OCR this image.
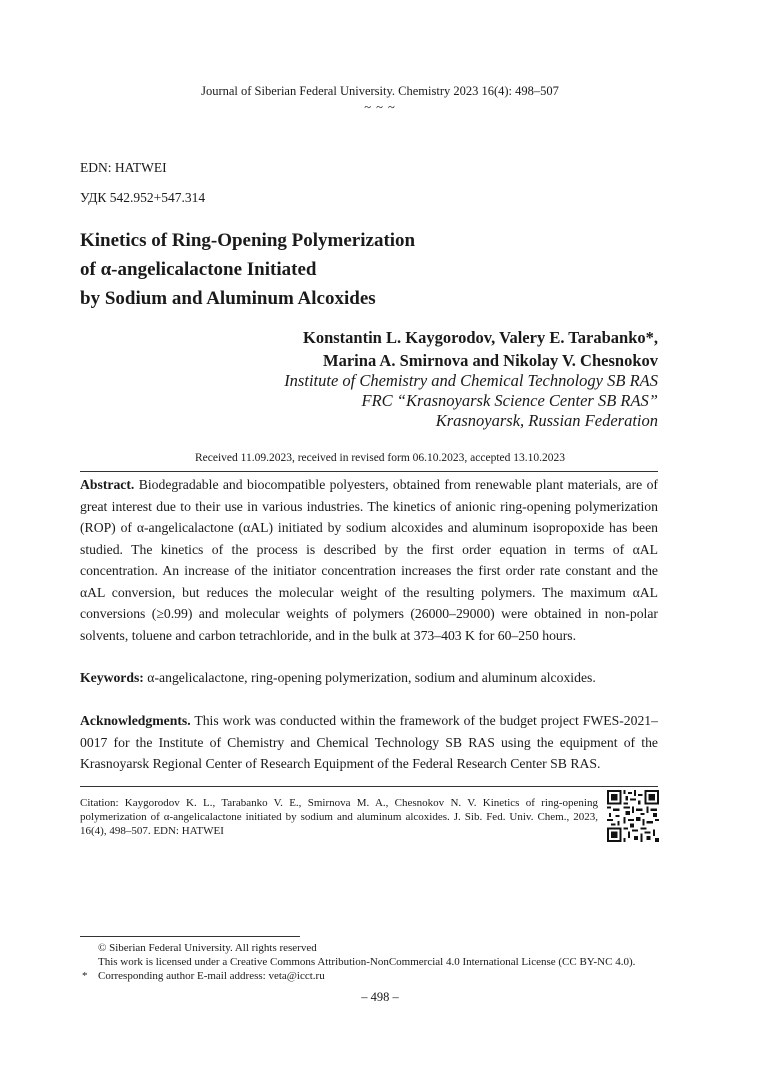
Journal of Siberian Federal University. Chemistry 2023 16(4): 498–507
~ ~ ~
EDN: HATWEI
УДК 542.952+547.314
Kinetics of Ring-Opening Polymerization
of α-angelicalactone Initiated
by Sodium and Aluminum Alcoxides
Konstantin L. Kaygorodov, Valery E. Tarabanko*,
Marina A. Smirnova and Nikolay V. Chesnokov
Institute of Chemistry and Chemical Technology SB RAS
FRC “Krasnoyarsk Science Center SB RAS”
Krasnoyarsk, Russian Federation
Received 11.09.2023, received in revised form 06.10.2023, accepted 13.10.2023
Abstract. Biodegradable and biocompatible polyesters, obtained from renewable plant materials, are of great interest due to their use in various industries. The kinetics of anionic ring-opening polymerization (ROP) of α-angelicalactone (αAL) initiated by sodium alcoxides and aluminum isopropoxide has been studied. The kinetics of the process is described by the first order equation in terms of αAL concentration. An increase of the initiator concentration increases the first order rate constant and the αAL conversion, but reduces the molecular weight of the resulting polymers. The maximum αAL conversions (≥0.99) and molecular weights of polymers (26000–29000) were obtained in non-polar solvents, toluene and carbon tetrachloride, and in the bulk at 373–403 K for 60–250 hours.
Keywords: α-angelicalactone, ring-opening polymerization, sodium and aluminum alcoxides.
Acknowledgments. This work was conducted within the framework of the budget project FWES-2021–0017 for the Institute of Chemistry and Chemical Technology SB RAS using the equipment of the Krasnoyarsk Regional Center of Research Equipment of the Federal Research Center SB RAS.
Citation: Kaygorodov K. L., Tarabanko V. E., Smirnova M. A., Chesnokov N. V. Kinetics of ring-opening polymerization of α-angelicalactone initiated by sodium and aluminum alcoxides. J. Sib. Fed. Univ. Chem., 2023, 16(4), 498–507. EDN: HATWEI
© Siberian Federal University. All rights reserved
This work is licensed under a Creative Commons Attribution-NonCommercial 4.0 International License (CC BY-NC 4.0).
* Corresponding author E-mail address: veta@icct.ru
– 498 –
